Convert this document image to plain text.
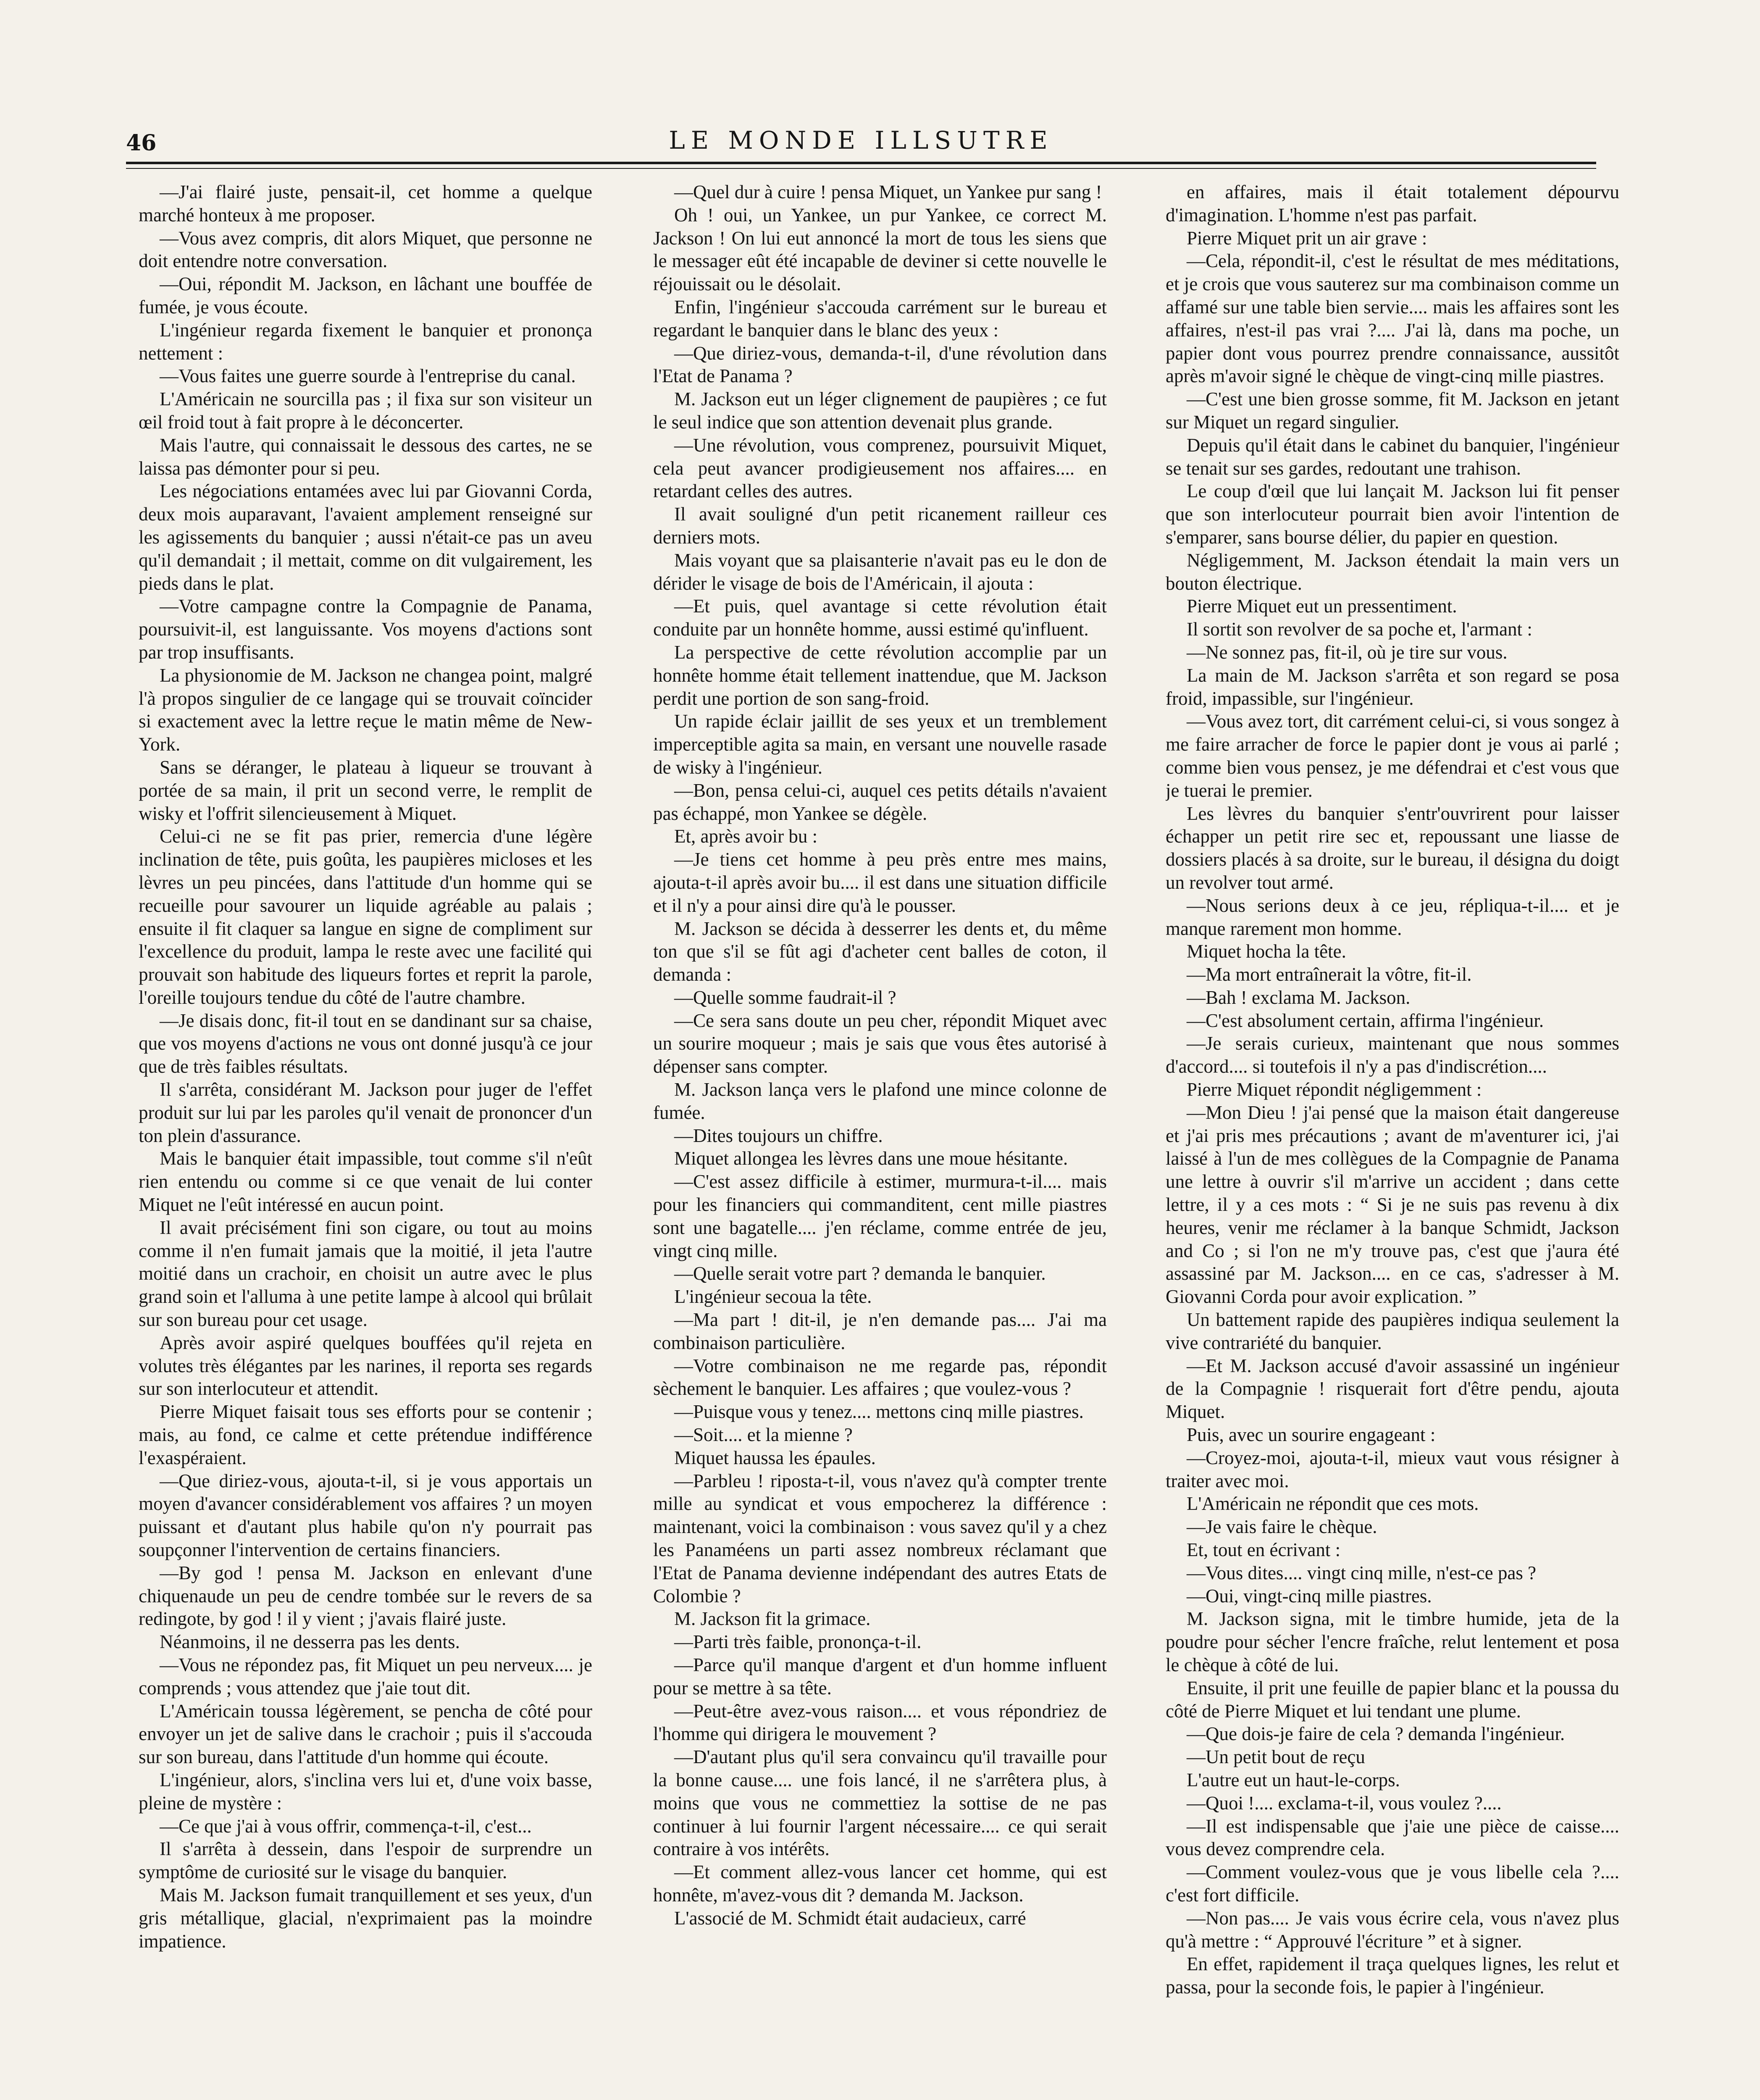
46	LE MONDE ILLSUTRE

—J'ai flairé juste, pensait-il, cet homme a quelque marché honteux à me proposer.

—Vous avez compris, dit alors Miquet, que personne ne doit entendre notre conversation.

—Oui, répondit M. Jackson, en lâchant une bouffée de fumée, je vous écoute.

L'ingénieur regarda fixement le banquier et prononça nettement :

—Vous faites une guerre sourde à l'entreprise du canal.

L'Américain ne sourcilla pas ; il fixa sur son visiteur un œil froid tout à fait propre à le déconcerter.

Mais l'autre, qui connaissait le dessous des cartes, ne se laissa pas démonter pour si peu.

Les négociations entamées avec lui par Giovanni Corda, deux mois auparavant, l'avaient amplement renseigné sur les agissements du banquier ; aussi n'était-ce pas un aveu qu'il demandait ; il mettait, comme on dit vulgairement, les pieds dans le plat.

—Votre campagne contre la Compagnie de Panama, poursuivit-il, est languissante. Vos moyens d'actions sont par trop insuffisants.

La physionomie de M. Jackson ne changea point, malgré l'à propos singulier de ce langage qui se trouvait coïncider si exactement avec la lettre reçue le matin même de New-York.

Sans se déranger, le plateau à liqueur se trouvant à portée de sa main, il prit un second verre, le remplit de wisky et l'offrit silencieusement à Miquet.

Celui-ci ne se fit pas prier, remercia d'une légère inclination de tête, puis goûta, les paupières micloses et les lèvres un peu pincées, dans l'attitude d'un homme qui se recueille pour savourer un liquide agréable au palais ; ensuite il fit claquer sa langue en signe de compliment sur l'excellence du produit, lampa le reste avec une facilité qui prouvait son habitude des liqueurs fortes et reprit la parole, l'oreille toujours tendue du côté de l'autre chambre.

—Je disais donc, fit-il tout en se dandinant sur sa chaise, que vos moyens d'actions ne vous ont donné jusqu'à ce jour que de très faibles résultats.

Il s'arrêta, considérant M. Jackson pour juger de l'effet produit sur lui par les paroles qu'il venait de prononcer d'un ton plein d'assurance.

Mais le banquier était impassible, tout comme s'il n'eût rien entendu ou comme si ce que venait de lui conter Miquet ne l'eût intéressé en aucun point.

Il avait précisément fini son cigare, ou tout au moins comme il n'en fumait jamais que la moitié, il jeta l'autre moitié dans un crachoir, en choisit un autre avec le plus grand soin et l'alluma à une petite lampe à alcool qui brûlait sur son bureau pour cet usage.

Après avoir aspiré quelques bouffées qu'il rejeta en volutes très élégantes par les narines, il reporta ses regards sur son interlocuteur et attendit.

Pierre Miquet faisait tous ses efforts pour se contenir ; mais, au fond, ce calme et cette prétendue indifférence l'exaspéraient.

—Que diriez-vous, ajouta-t-il, si je vous apportais un moyen d'avancer considérablement vos affaires ? un moyen puissant et d'autant plus habile qu'on n'y pourrait pas soupçonner l'intervention de certains financiers.

—By god ! pensa M. Jackson en enlevant d'une chiquenaude un peu de cendre tombée sur le revers de sa redingote, by god ! il y vient ; j'avais flairé juste.

Néanmoins, il ne desserra pas les dents.

—Vous ne répondez pas, fit Miquet un peu nerveux.... je comprends ; vous attendez que j'aie tout dit.

L'Américain toussa légèrement, se pencha de côté pour envoyer un jet de salive dans le crachoir ; puis il s'accouda sur son bureau, dans l'attitude d'un homme qui écoute.

L'ingénieur, alors, s'inclina vers lui et, d'une voix basse, pleine de mystère :

—Ce que j'ai à vous offrir, commença-t-il, c'est...

Il s'arrêta à dessein, dans l'espoir de surprendre un symptôme de curiosité sur le visage du banquier.

Mais M. Jackson fumait tranquillement et ses yeux, d'un gris métallique, glacial, n'exprimaient pas la moindre impatience.

—Quel dur à cuire ! pensa Miquet, un Yankee pur sang !

Oh ! oui, un Yankee, un pur Yankee, ce correct M. Jackson ! On lui eut annoncé la mort de tous les siens que le messager eût été incapable de deviner si cette nouvelle le réjouissait ou le désolait.

Enfin, l'ingénieur s'accouda carrément sur le bureau et regardant le banquier dans le blanc des yeux :

—Que diriez-vous, demanda-t-il, d'une révolution dans l'Etat de Panama ?

M. Jackson eut un léger clignement de paupières ; ce fut le seul indice que son attention devenait plus grande.

—Une révolution, vous comprenez, poursuivit Miquet, cela peut avancer prodigieusement nos affaires.... en retardant celles des autres.

Il avait souligné d'un petit ricanement railleur ces derniers mots.

Mais voyant que sa plaisanterie n'avait pas eu le don de dérider le visage de bois de l'Américain, il ajouta :

—Et puis, quel avantage si cette révolution était conduite par un honnête homme, aussi estimé qu'influent.

La perspective de cette révolution accomplie par un honnête homme était tellement inattendue, que M. Jackson perdit une portion de son sang-froid.

Un rapide éclair jaillit de ses yeux et un tremblement imperceptible agita sa main, en versant une nouvelle rasade de wisky à l'ingénieur.

—Bon, pensa celui-ci, auquel ces petits détails n'avaient pas échappé, mon Yankee se dégèle.

Et, après avoir bu :

—Je tiens cet homme à peu près entre mes mains, ajouta-t-il après avoir bu.... il est dans une situation difficile et il n'y a pour ainsi dire qu'à le pousser.

M. Jackson se décida à desserrer les dents et, du même ton que s'il se fût agi d'acheter cent balles de coton, il demanda :

—Quelle somme faudrait-il ?

—Ce sera sans doute un peu cher, répondit Miquet avec un sourire moqueur ; mais je sais que vous êtes autorisé à dépenser sans compter.

M. Jackson lança vers le plafond une mince colonne de fumée.

—Dites toujours un chiffre.

Miquet allongea les lèvres dans une moue hésitante.

—C'est assez difficile à estimer, murmura-t-il.... mais pour les financiers qui commanditent, cent mille piastres sont une bagatelle.... j'en réclame, comme entrée de jeu, vingt cinq mille.

—Quelle serait votre part ? demanda le banquier.

L'ingénieur secoua la tête.

—Ma part ! dit-il, je n'en demande pas.... J'ai ma combinaison particulière.

—Votre combinaison ne me regarde pas, répondit sèchement le banquier. Les affaires ; que voulez-vous ?

—Puisque vous y tenez.... mettons cinq mille piastres.

—Soit.... et la mienne ?

Miquet haussa les épaules.

—Parbleu ! riposta-t-il, vous n'avez qu'à compter trente mille au syndicat et vous empocherez la différence : maintenant, voici la combinaison : vous savez qu'il y a chez les Panaméens un parti assez nombreux réclamant que l'Etat de Panama devienne indépendant des autres Etats de Colombie ?

M. Jackson fit la grimace.

—Parti très faible, prononça-t-il.

—Parce qu'il manque d'argent et d'un homme influent pour se mettre à sa tête.

—Peut-être avez-vous raison.... et vous répondriez de l'homme qui dirigera le mouvement ?

—D'autant plus qu'il sera convaincu qu'il travaille pour la bonne cause.... une fois lancé, il ne s'arrêtera plus, à moins que vous ne commettiez la sottise de ne pas continuer à lui fournir l'argent nécessaire.... ce qui serait contraire à vos intérêts.

—Et comment allez-vous lancer cet homme, qui est honnête, m'avez-vous dit ? demanda M. Jackson.

L'associé de M. Schmidt était audacieux, carré

en affaires, mais il était totalement dépourvu d'imagination. L'homme n'est pas parfait.

Pierre Miquet prit un air grave :

—Cela, répondit-il, c'est le résultat de mes méditations, et je crois que vous sauterez sur ma combinaison comme un affamé sur une table bien servie.... mais les affaires sont les affaires, n'est-il pas vrai ?.... J'ai là, dans ma poche, un papier dont vous pourrez prendre connaissance, aussitôt après m'avoir signé le chèque de vingt-cinq mille piastres.

—C'est une bien grosse somme, fit M. Jackson en jetant sur Miquet un regard singulier.

Depuis qu'il était dans le cabinet du banquier, l'ingénieur se tenait sur ses gardes, redoutant une trahison.

Le coup d'œil que lui lançait M. Jackson lui fit penser que son interlocuteur pourrait bien avoir l'intention de s'emparer, sans bourse délier, du papier en question.

Négligemment, M. Jackson étendait la main vers un bouton électrique.

Pierre Miquet eut un pressentiment.

Il sortit son revolver de sa poche et, l'armant :

—Ne sonnez pas, fit-il, où je tire sur vous.

La main de M. Jackson s'arrêta et son regard se posa froid, impassible, sur l'ingénieur.

—Vous avez tort, dit carrément celui-ci, si vous songez à me faire arracher de force le papier dont je vous ai parlé ; comme bien vous pensez, je me défendrai et c'est vous que je tuerai le premier.

Les lèvres du banquier s'entr'ouvrirent pour laisser échapper un petit rire sec et, repoussant une liasse de dossiers placés à sa droite, sur le bureau, il désigna du doigt un revolver tout armé.

—Nous serions deux à ce jeu, répliqua-t-il.... et je manque rarement mon homme.

Miquet hocha la tête.

—Ma mort entraînerait la vôtre, fit-il.

—Bah ! exclama M. Jackson.

—C'est absolument certain, affirma l'ingénieur.

—Je serais curieux, maintenant que nous sommes d'accord.... si toutefois il n'y a pas d'indiscrétion....

Pierre Miquet répondit négligemment :

—Mon Dieu ! j'ai pensé que la maison était dangereuse et j'ai pris mes précautions ; avant de m'aventurer ici, j'ai laissé à l'un de mes collègues de la Compagnie de Panama une lettre à ouvrir s'il m'arrive un accident ; dans cette lettre, il y a ces mots : “ Si je ne suis pas revenu à dix heures, venir me réclamer à la banque Schmidt, Jackson and Co ; si l'on ne m'y trouve pas, c'est que j'aura été assassiné par M. Jackson.... en ce cas, s'adresser à M. Giovanni Corda pour avoir explication. ”

Un battement rapide des paupières indiqua seulement la vive contrariété du banquier.

—Et M. Jackson accusé d'avoir assassiné un ingénieur de la Compagnie ! risquerait fort d'être pendu, ajouta Miquet.

Puis, avec un sourire engageant :

—Croyez-moi, ajouta-t-il, mieux vaut vous résigner à traiter avec moi.

L'Américain ne répondit que ces mots.

—Je vais faire le chèque.

Et, tout en écrivant :

—Vous dites.... vingt cinq mille, n'est-ce pas ?

—Oui, vingt-cinq mille piastres.

M. Jackson signa, mit le timbre humide, jeta de la poudre pour sécher l'encre fraîche, relut lentement et posa le chèque à côté de lui.

Ensuite, il prit une feuille de papier blanc et la poussa du côté de Pierre Miquet et lui tendant une plume.

—Que dois-je faire de cela ? demanda l'ingénieur.

—Un petit bout de reçu

L'autre eut un haut-le-corps.

—Quoi !.... exclama-t-il, vous voulez ?....

—Il est indispensable que j'aie une pièce de caisse.... vous devez comprendre cela.

—Comment voulez-vous que je vous libelle cela ?.... c'est fort difficile.

—Non pas.... Je vais vous écrire cela, vous n'avez plus qu'à mettre : “ Approuvé l'écriture ” et à signer.

En effet, rapidement il traça quelques lignes, les relut et passa, pour la seconde fois, le papier à l'ingénieur.
